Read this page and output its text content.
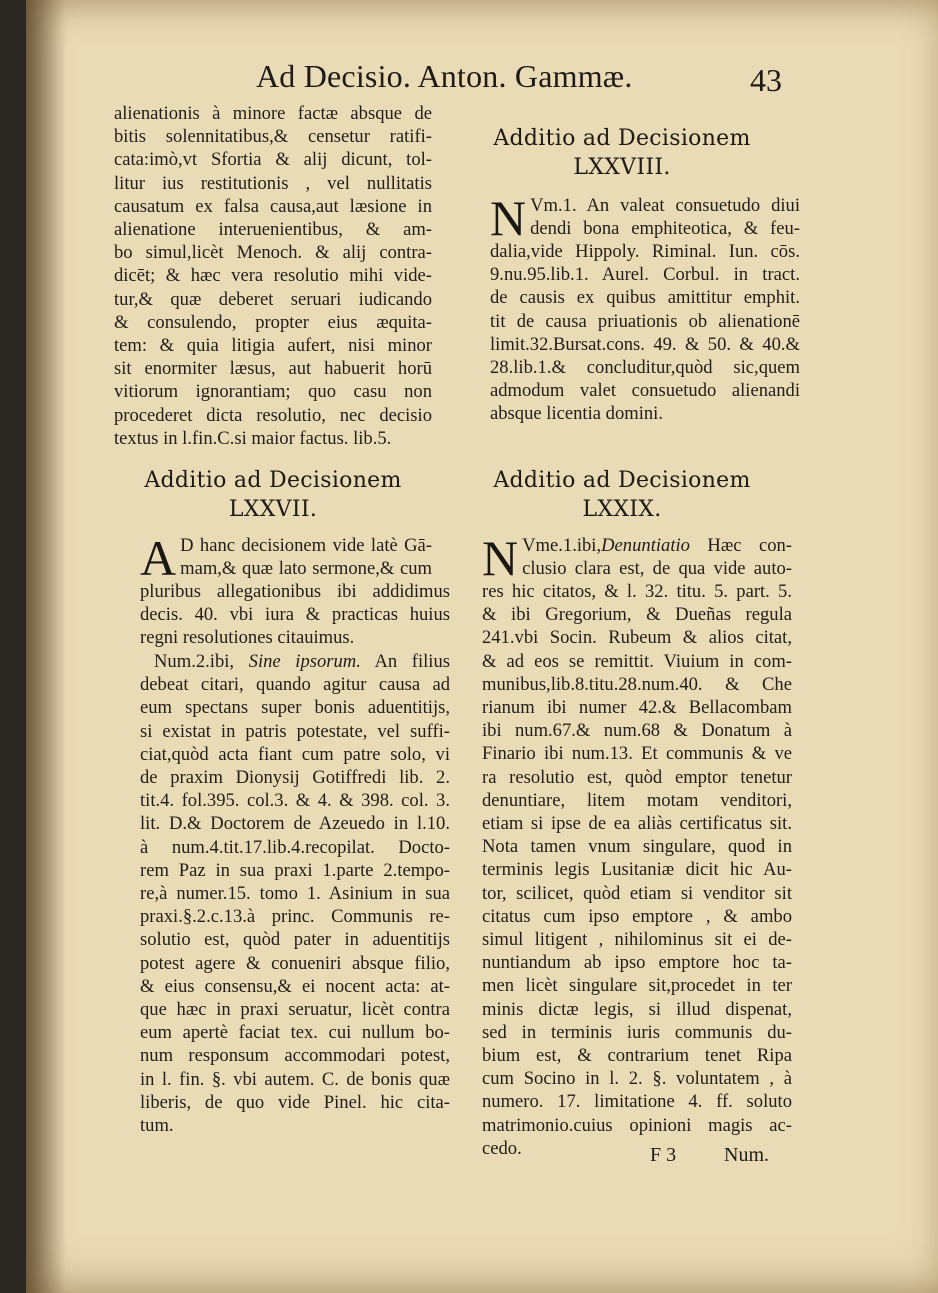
Ad Decisio. Anton. Gammæ.	43
alienationis à minore factæ absque de
bitis solennitatibus,& censetur ratifi-
cata:imò,vt Sfortia & alij dicunt, tol-
litur ius restitutionis , vel nullitatis
causatum ex falsa causa,aut læsione in
alienatione interuenientibus, & am-
bo simul,licèt Menoch. & alij contra-
dicēt; & hæc vera resolutio mihi vide-
tur,& quæ deberet seruari iudicando
& consulendo, propter eius æquita-
tem: & quia litigia aufert, nisi minor
sit enormiter læsus, aut habuerit horū
vitiorum ignorantiam; quo casu non
procederet dicta resolutio, nec decisio
textus in l.fin.C.si maior factus. lib.5.
Additio ad Decisionem
LXXVII.
A D hanc decisionem vide latè Gā-
mam,& quæ lato sermone,& cum
pluribus allegationibus ibi addidimus
decis. 40. vbi iura & practicas huius
regni resolutiones citauimus.
Num.2.ibi, Sine ipsorum. An filius
debeat citari, quando agitur causa ad
eum spectans super bonis aduentitijs,
si existat in patris potestate, vel suffi-
ciat,quòd acta fiant cum patre solo, vi
de praxim Dionysij Gotiffredi lib. 2.
tit.4. fol.395. col.3. & 4. & 398. col. 3.
lit. D.& Doctorem de Azeuedo in l.10.
à num.4.tit.17.lib.4.recopilat. Docto-
rem Paz in sua praxi 1.parte 2.tempo-
re,à numer.15. tomo 1. Asinium in sua
praxi.§.2.c.13.à princ. Communis re-
solutio est, quòd pater in aduentitijs
potest agere & conueniri absque filio,
& eius consensu,& ei nocent acta: at-
que hæc in praxi seruatur, licèt contra
eum apertè faciat tex. cui nullum bo-
num responsum accommodari potest,
in l. fin. §. vbi autem. C. de bonis quæ
liberis, de quo vide Pinel. hic cita-
tum.
Additio ad Decisionem
LXXVIII.
N Vm.1. An valeat consuetudo diui
dendi bona emphiteotica, & feu-
dalia,vide Hippoly. Riminal. Iun. cōs.
9.nu.95.lib.1. Aurel. Corbul. in tract.
de causis ex quibus amittitur emphit.
tit de causa priuationis ob alienationē
limit.32.Bursat.cons. 49. & 50. & 40.&
28.lib.1.& concluditur,quòd sic,quem
admodum valet consuetudo alienandi
absque licentia domini.
Additio ad Decisionem
LXXIX.
N Vme.1.ibi,Denuntiatio Hæc con-
clusio clara est, de qua vide auto-
res hic citatos, & l. 32. titu. 5. part. 5.
& ibi Gregorium, & Dueñas regula
241.vbi Socin. Rubeum & alios citat,
& ad eos se remittit. Viuium in com-
munibus,lib.8.titu.28.num.40. & Che
rianum ibi numer 42.& Bellacombam
ibi num.67.& num.68 & Donatum à
Finario ibi num.13. Et communis & ve
ra resolutio est, quòd emptor tenetur
denuntiare, litem motam venditori,
etiam si ipse de ea aliàs certificatus sit.
Nota tamen vnum singulare, quod in
terminis legis Lusitaniæ dicit hic Au-
tor, scilicet, quòd etiam si venditor sit
citatus cum ipso emptore , & ambo
simul litigent , nihilominus sit ei de-
nuntiandum ab ipso emptore hoc ta-
men licèt singulare sit,procedet in ter
minis dictæ legis, si illud dispenat,
sed in terminis iuris communis du-
bium est, & contrarium tenet Ripa
cum Socino in l. 2. §. voluntatem , à
numero. 17. limitatione 4. ff. soluto
matrimonio.cuius opinioni magis ac-
cedo.	F 3 Num.
